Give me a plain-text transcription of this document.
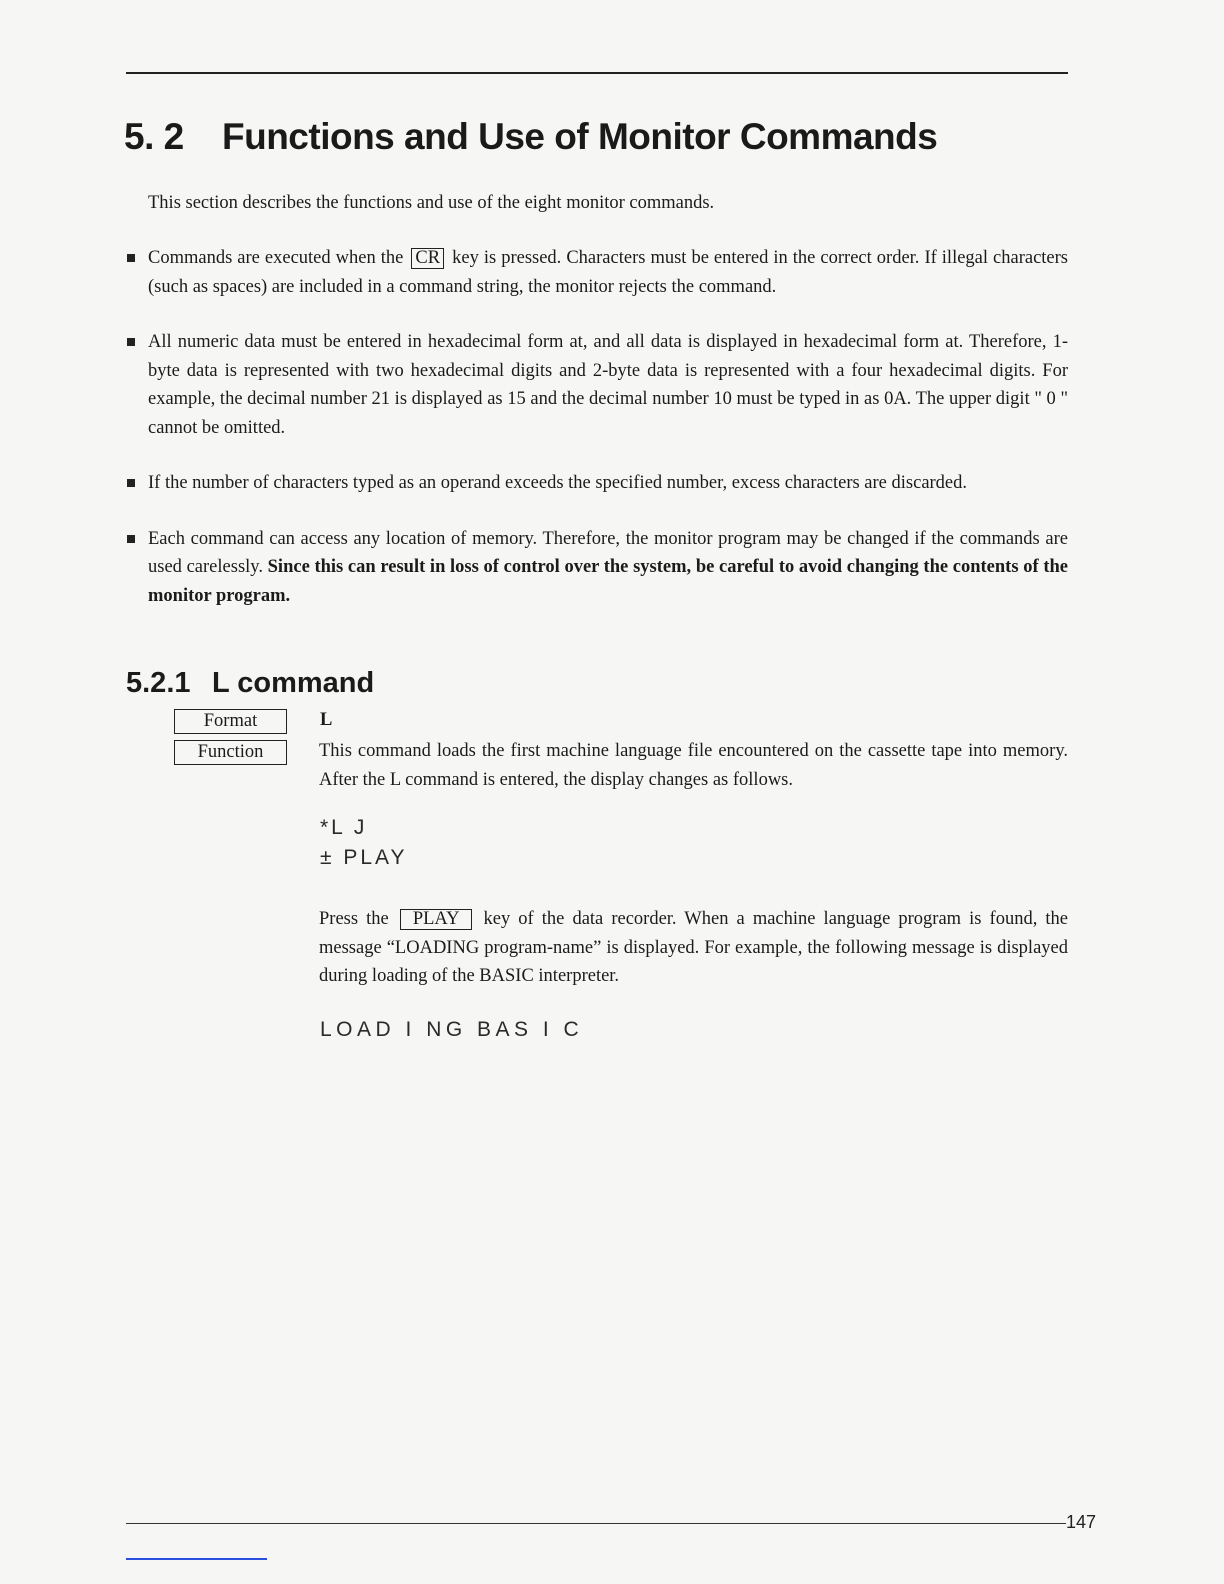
5. 2 Functions and Use of Monitor Commands

This section describes the functions and use of the eight monitor commands.

Commands are executed when the CR key is pressed. Characters must be entered in the correct order. If illegal characters (such as spaces) are included in a command string, the monitor rejects the command.
All numeric data must be entered in hexadecimal form at, and all data is displayed in hexadecimal form at. Therefore, 1-byte data is represented with two hexadecimal digits and 2-byte data is represented with a four hexadecimal digits. For example, the decimal number 21 is displayed as 15 and the decimal number 10 must be typed in as 0A. The upper digit " 0 " cannot be omitted.
If the number of characters typed as an operand exceeds the specified number, excess characters are discarded.
Each command can access any location of memory. Therefore, the monitor program may be changed if the commands are used carelessly. Since this can result in loss of control over the system, be careful to avoid changing the contents of the monitor program.
5.2.1 L command
Format	L
Function	This command loads the first machine language file encountered on the cassette tape into memory. After the L command is entered, the display changes as follows.

*L J
± PLAY

Press the PLAY key of the data recorder. When a machine language program is found, the message “LOADING program-name” is displayed. For example, the following message is displayed during loading of the BASIC interpreter.

LOAD I NG BAS I C
147
